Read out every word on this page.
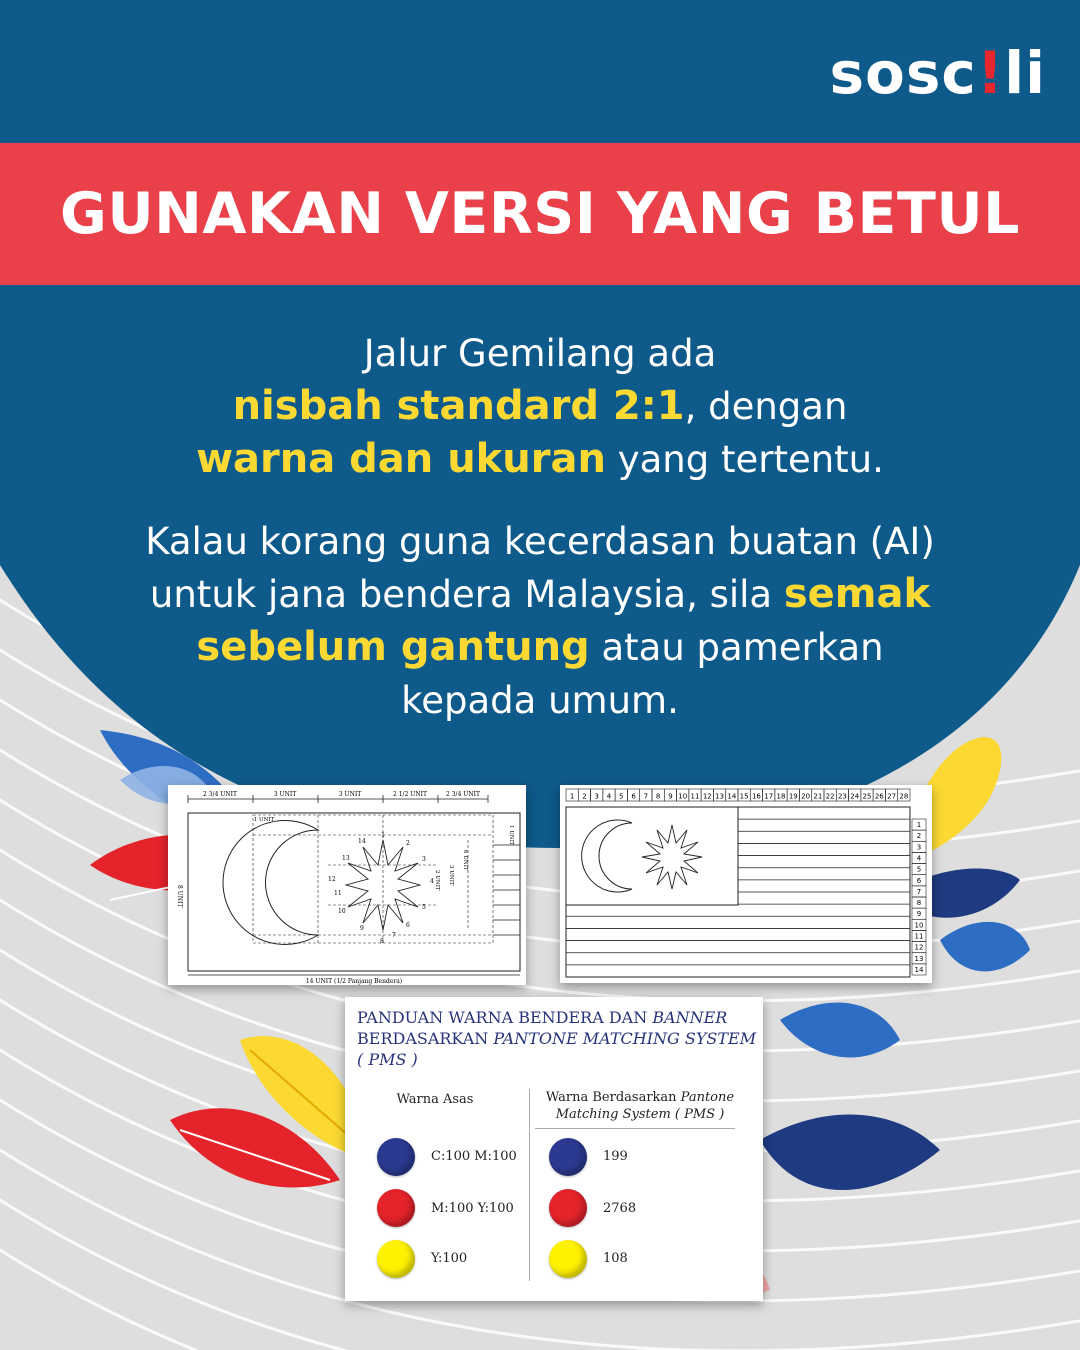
sosc ! li
GUNAKAN VERSI YANG BETUL
Jalur Gemilang ada
nisbah standard 2:1, dengan
warna dan ukuran yang tertentu.
Kalau korang guna kecerdasan buatan (AI)
untuk jana bendera Malaysia, sila semak
sebelum gantung atau pamerkan
kepada umum.
2 3/4 UNIT	3 UNIT	3 UNIT	2 1/2 UNIT	2 3/4 UNIT
1 UNIT
1 UNIT
8 UNIT
14 UNIT (1/2 Panjang Bendera)
3 UNIT
2 UNIT
6 UNIT
1
2
3
4
5
6
7
8
9
10
11
12
13
14
1 2 3 4 5 6 7 8 9 10 11 12 13 14 15 16 17 18 19 20 21 22 23 24 25 26 27 28
1
2
3
4
5
6
7
8
9
10
11
12
13
14
PANDUAN WARNA BENDERA DAN BANNER
BERDASARKAN PANTONE MATCHING SYSTEM
( PMS )
Warna Asas	Warna Berdasarkan Pantone
Matching System ( PMS )
C:100 M:100	199
M:100 Y:100	2768
Y:100	108
